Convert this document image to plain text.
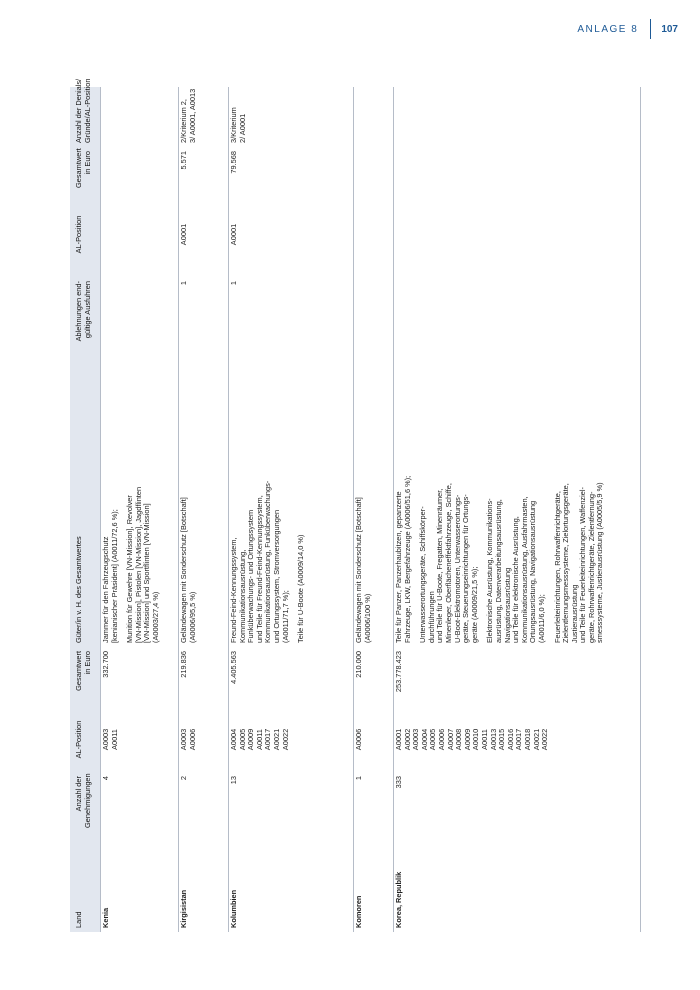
ANLAGE 8 107
Land
Anzahl der
Genehmigungen
AL-Position
Gesamtwert
in Euro
Güter/in v. H. des Gesamtwertes
Ablehnungen end-
gültige Ausfuhren
AL-Position
Gesamtwert
in Euro
Anzahl der Denials/
Gründe/AL-Position
Kenia
4
A0003
A0011
332.700
Jammer für den Fahrzeugschutz
[kenianischer Präsident] (A0011/72,6 %); Munition für Gewehre [VN-Mission], Revolver
[VN-Mission], Pistolen [VN-Mission], Jagdflinten
[VN-Mission] und Sportflinten [VN-Mission]
(A0003/27,4 %)
Kirgisistan
2
A0003
A0006
219.836
Geländewagen mit Sonderschutz [Botschaft]
(A0006/95,5 %)
1
A0001
5.571
2/Kriterium 2,
3/ A0001, A0013
Kolumbien
13
A0004
A0005
A0009
A0011
A0017
A0021
A0022
4.405.563
Freund-Feind-Kennungssystem,
Kommunikationsausrüstung,
Funküberwachungs- und Ortungssystem
und Teile für Freund-Feind-Kennungssystem,
Kommunikationsausrüstung, Funküberwachungs-
und Ortungssystem, Stromversorgungen
(A0011/71,7 %); Teile für U-Boote (A0009/14,0 %)
1
A0001
79.568
3/Kriterium
2/ A0001
Komoren
1
A0006
210.000
Geländewagen mit Sonderschutz [Botschaft]
(A0006/100 %)
Korea, Republik
333
A0001
A0002
A0003
A0004
A0005
A0006
A0007
A0008
A0009
A0010
A0011
A0013
A0015
A0016
A0017
A0018
A0021
A0022
253.778.423
Teile für Panzer, Panzerhaubitzen, gepanzerte
Fahrzeuge, LKW, Bergefahrzeuge (A0006/51,6 %); Unterwasserortungsgeräte, Schiffskörper-
durchführungen
und Teile für U-Boote, Fregatten, Minenräumer,
Minenleger, Oberflächeneffektfahrzeuge, Schiffe,
U-Boot-Elektromotoren, Unterwasserortungs-
geräte, Steuerungseinrichtungen für Ortungs-
geräte (A0009/21,5 %); Elektronische Ausrüstung, Kommunikations-
ausrüstung, Datenverarbeitungsausrüstung,
Navigationsausrüstung
und Teile für elektronische Ausrüstung,
Kommunikationsausrüstung, Ausfahrmasten,
Ortungsausrüstung, Navigationsausrüstung
(A0011/6,0 %); Feuerleiteinrichtungen, Rohrwaffenrichtgeräte,
Zielentfernungsmesssysteme, Zielortungsgeräte,
Justierausrüstung
und Teile für Feuerleiteinrichtungen, Waffenziel-
geräte, Rohrwaffenrichtgeräte, Zielentfernung-
smesssysteme, Justierausrüstung (A0005/5,9 %)
